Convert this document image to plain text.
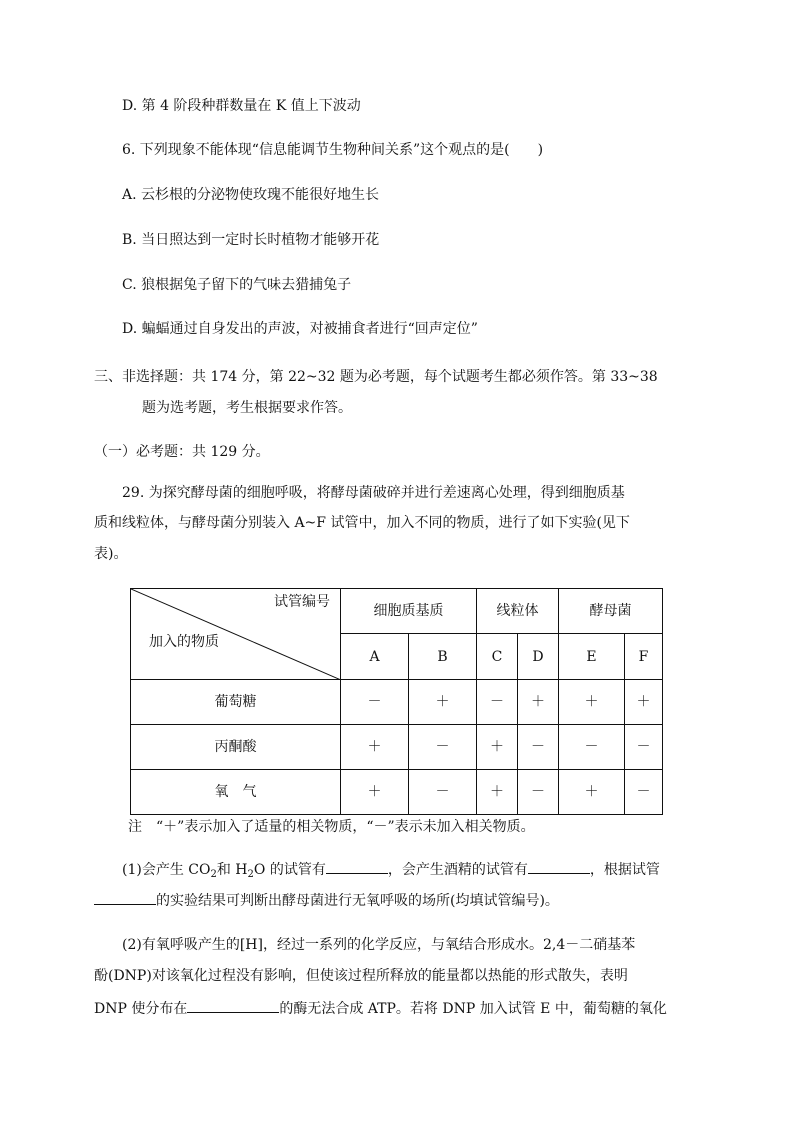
D. 第 4 阶段种群数量在 K 值上下波动
6. 下列现象不能体现“信息能调节生物种间关系”这个观点的是(　　)
A. 云杉根的分泌物使玫瑰不能很好地生长
B. 当日照达到一定时长时植物才能够开花
C. 狼根据兔子留下的气味去猎捕兔子
D. 蝙蝠通过自身发出的声波，对被捕食者进行“回声定位”
三、非选择题：共 174 分，第 22~32 题为必考题，每个试题考生都必须作答。第 33~38
题为选考题，考生根据要求作答。
（一）必考题：共 129 分。
29. 为探究酵母菌的细胞呼吸，将酵母菌破碎并进行差速离心处理，得到细胞质基
质和线粒体，与酵母菌分别装入 A~F 试管中，加入不同的物质，进行了如下实验(见下
表)。
试管编号
加入的物质	细胞质基质		线粒体		酵母菌	
	A	B	C	D	E	F
葡萄糖	－	＋	－	＋	＋	＋
丙酮酸	＋	－	＋	－	－	－
氧　气	＋	－	＋	－	＋	－
注　“＋”表示加入了适量的相关物质，“－”表示未加入相关物质。
(1)会产生 $CO_2$和 $H_2O$ 的试管有	，会产生酒精的试管有	，根据试管
的实验结果可判断出酵母菌进行无氧呼吸的场所(均填试管编号)。
(2)有氧呼吸产生的[H]，经过一系列的化学反应，与氧结合形成水。2,4－二硝基苯
酚(DNP)对该氧化过程没有影响，但使该过程所释放的能量都以热能的形式散失，表明
DNP 使分布在	的酶无法合成 ATP。若将 DNP 加入试管 E 中，葡萄糖的氧化
